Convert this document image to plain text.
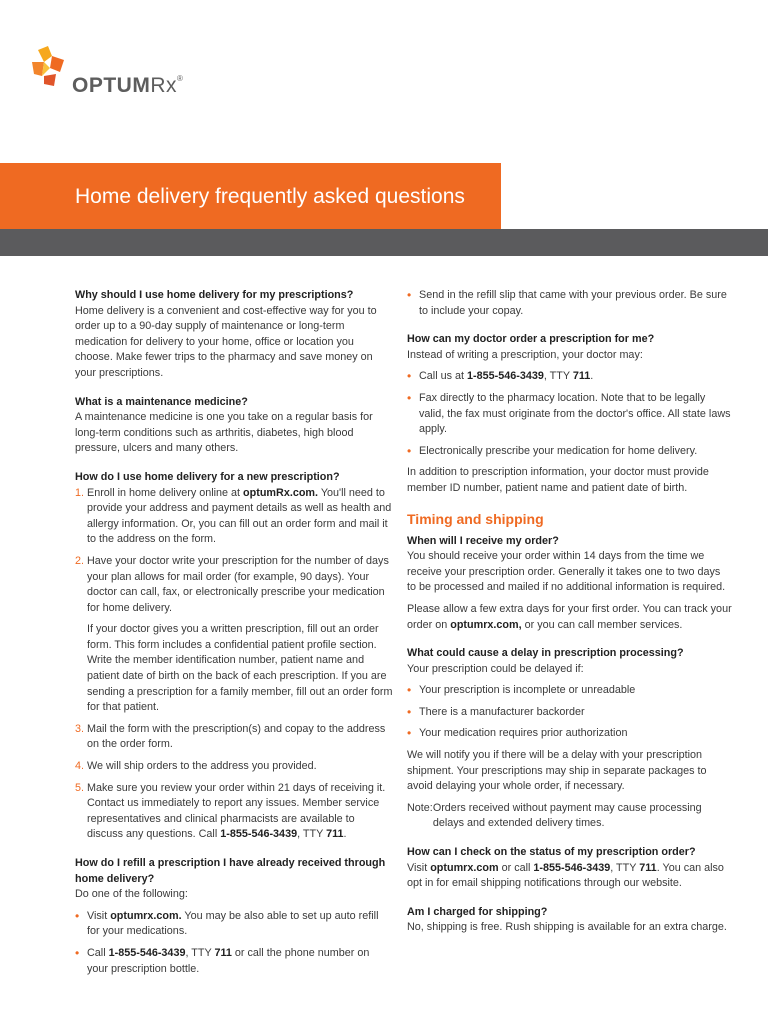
OPTUMRx®
Home delivery frequently asked questions

Why should I use home delivery for my prescriptions?

Home delivery is a convenient and cost-effective way for you to order up to a 90-day supply of maintenance or long-term medication for delivery to your home, office or location you choose. Make fewer trips to the pharmacy and save money on your prescriptions.

What is a maintenance medicine?

A maintenance medicine is one you take on a regular basis for long-term conditions such as arthritis, diabetes, high blood pressure, ulcers and many others.

How do I use home delivery for a new prescription?

1. Enroll in home delivery online at optumRx.com. You'll need to provide your address and payment details as well as health and allergy information. Or, you can fill out an order form and mail it to the address on the form.
2. Have your doctor write your prescription for the number of days your plan allows for mail order (for example, 90 days). Your doctor can call, fax, or electronically prescribe your medication for home delivery.

If your doctor gives you a written prescription, fill out an order form. This form includes a confidential patient profile section. Write the member identification number, patient name and patient date of birth on the back of each prescription. If you are sending a prescription for a family member, fill out an order form for that patient.

3. Mail the form with the prescription(s) and copay to the address on the order form.
4. We will ship orders to the address you provided.
5. Make sure you review your order within 21 days of receiving it. Contact us immediately to report any issues. Member service representatives and clinical pharmacists are available to discuss any questions. Call 1-855-546-3439, TTY 711.

How do I refill a prescription I have already received through home delivery?

Do one of the following:

• Visit optumrx.com. You may be also able to set up auto refill for your medications.
• Call 1-855-546-3439, TTY 711 or call the phone number on your prescription bottle.
• Send in the refill slip that came with your previous order. Be sure to include your copay.

How can my doctor order a prescription for me?

Instead of writing a prescription, your doctor may:

• Call us at 1-855-546-3439, TTY 711.
• Fax directly to the pharmacy location. Note that to be legally valid, the fax must originate from the doctor's office. All state laws apply.
• Electronically prescribe your medication for home delivery.

In addition to prescription information, your doctor must provide member ID number, patient name and patient date of birth.

Timing and shipping

When will I receive my order?

You should receive your order within 14 days from the time we receive your prescription order. Generally it takes one to two days to be processed and mailed if no additional information is required.

Please allow a few extra days for your first order. You can track your order on optumrx.com, or you can call member services.

What could cause a delay in prescription processing?

Your prescription could be delayed if:

• Your prescription is incomplete or unreadable
• There is a manufacturer backorder
• Your medication requires prior authorization

We will notify you if there will be a delay with your prescription shipment. Your prescriptions may ship in separate packages to avoid delaying your whole order, if necessary.

Note: Orders received without payment may cause processing delays and extended delivery times.

How can I check on the status of my prescription order?

Visit optumrx.com or call 1-855-546-3439, TTY 711. You can also opt in for email shipping notifications through our website.

Am I charged for shipping?

No, shipping is free. Rush shipping is available for an extra charge.
